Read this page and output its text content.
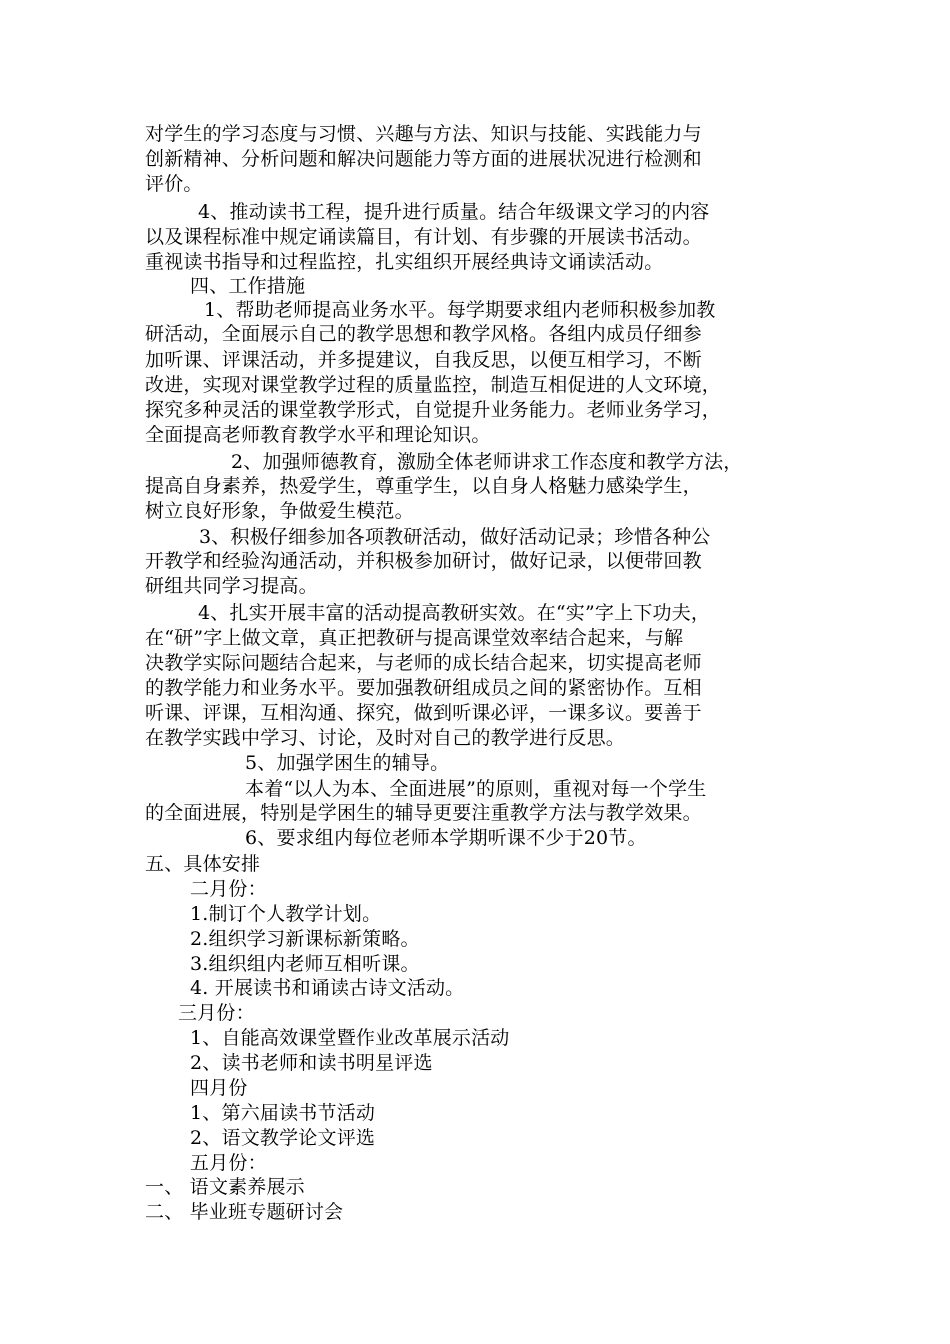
对学生的学习态度与习惯、兴趣与方法、知识与技能、实践能力与
创新精神、分析问题和解决问题能力等方面的进展状况进行检测和
评价。
4、推动读书工程，提升进行质量。结合年级课文学习的内容
以及课程标准中规定诵读篇目，有计划、有步骤的开展读书活动。
重视读书指导和过程监控，扎实组织开展经典诗文诵读活动。
四、工作措施
1、帮助老师提高业务水平。每学期要求组内老师积极参加教
研活动，全面展示自己的教学思想和教学风格。各组内成员仔细参
加听课、评课活动，并多提建议，自我反思，以便互相学习，不断
改进，实现对课堂教学过程的质量监控，制造互相促进的人文环境，
探究多种灵活的课堂教学形式，自觉提升业务能力。老师业务学习，
全面提高老师教育教学水平和理论知识。
2、加强师德教育，激励全体老师讲求工作态度和教学方法，
提高自身素养，热爱学生，尊重学生，以自身人格魅力感染学生，
树立良好形象，争做爱生模范。
3、积极仔细参加各项教研活动，做好活动记录；珍惜各种公
开教学和经验沟通活动，并积极参加研讨，做好记录，以便带回教
研组共同学习提高。
4、扎实开展丰富的活动提高教研实效。在“实”字上下功夫，
在“研”字上做文章，真正把教研与提高课堂效率结合起来，与解
决教学实际问题结合起来，与老师的成长结合起来，切实提高老师
的教学能力和业务水平。要加强教研组成员之间的紧密协作。互相
听课、评课，互相沟通、探究，做到听课必评，一课多议。要善于
在教学实践中学习、讨论，及时对自己的教学进行反思。
5、加强学困生的辅导。
本着“以人为本、全面进展”的原则，重视对每一个学生
的全面进展，特别是学困生的辅导更要注重教学方法与教学效果。
6、要求组内每位老师本学期听课不少于20节。
五、具体安排
二月份：
1.制订个人教学计划。
2.组织学习新课标新策略。
3.组织组内老师互相听课。
4. 开展读书和诵读古诗文活动。
三月份：
1、自能高效课堂暨作业改革展示活动
2、读书老师和读书明星评选
四月份
1、第六届读书节活动
2、语文教学论文评选
五月份：
一、 语文素养展示
二、 毕业班专题研讨会
